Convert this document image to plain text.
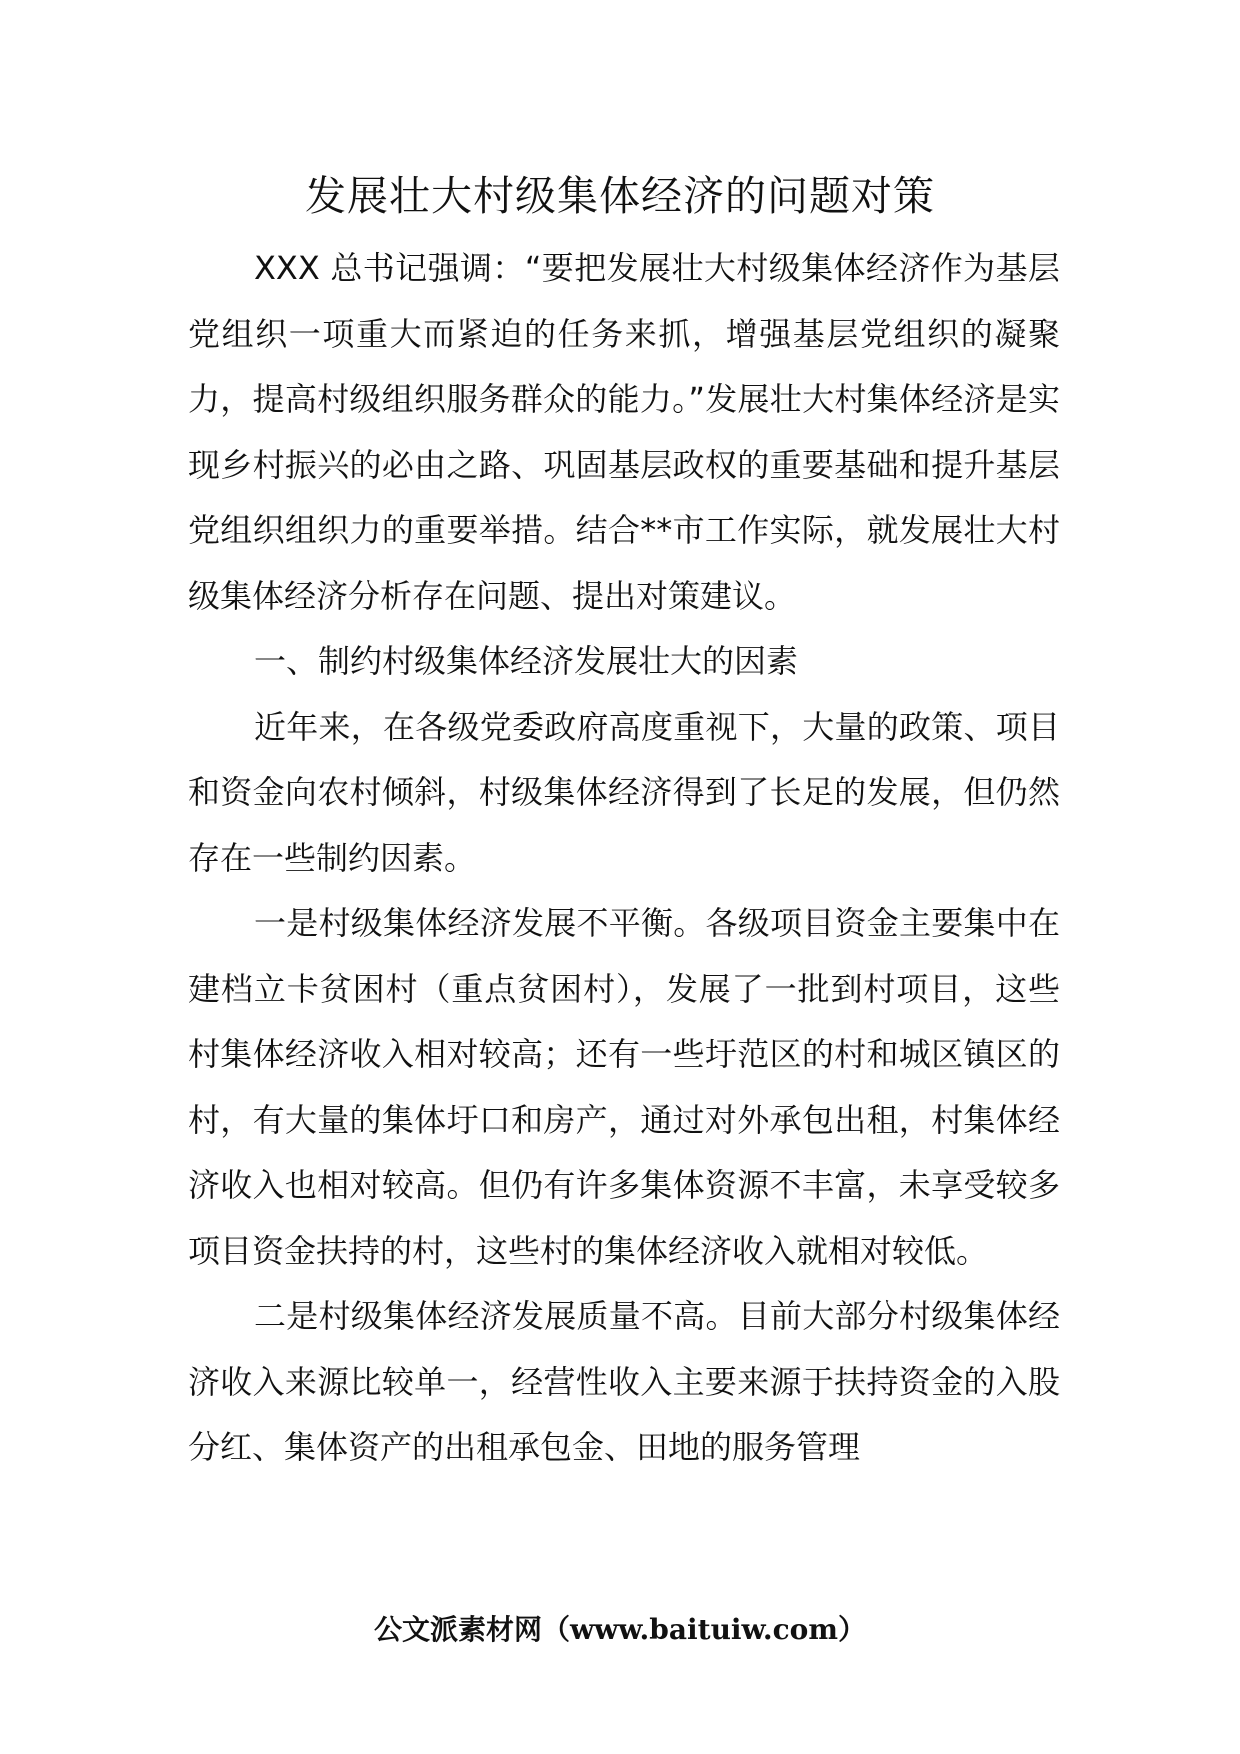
发展壮大村级集体经济的问题对策

XXX 总书记强调：“要把发展壮大村级集体经济作为基层党组织一项重大而紧迫的任务来抓，增强基层党组织的凝聚力，提高村级组织服务群众的能力。”发展壮大村集体经济是实现乡村振兴的必由之路、巩固基层政权的重要基础和提升基层党组织组织力的重要举措。结合**市工作实际，就发展壮大村级集体经济分析存在问题、提出对策建议。

一、制约村级集体经济发展壮大的因素

近年来，在各级党委政府高度重视下，大量的政策、项目和资金向农村倾斜，村级集体经济得到了长足的发展，但仍然存在一些制约因素。

一是村级集体经济发展不平衡。各级项目资金主要集中在建档立卡贫困村（重点贫困村），发展了一批到村项目，这些村集体经济收入相对较高；还有一些圩范区的村和城区镇区的村，有大量的集体圩口和房产，通过对外承包出租，村集体经济收入也相对较高。但仍有许多集体资源不丰富，未享受较多项目资金扶持的村，这些村的集体经济收入就相对较低。

二是村级集体经济发展质量不高。目前大部分村级集体经济收入来源比较单一，经营性收入主要来源于扶持资金的入股分红、集体资产的出租承包金、田地的服务管理

公文派素材网（www.baituiw.com）
